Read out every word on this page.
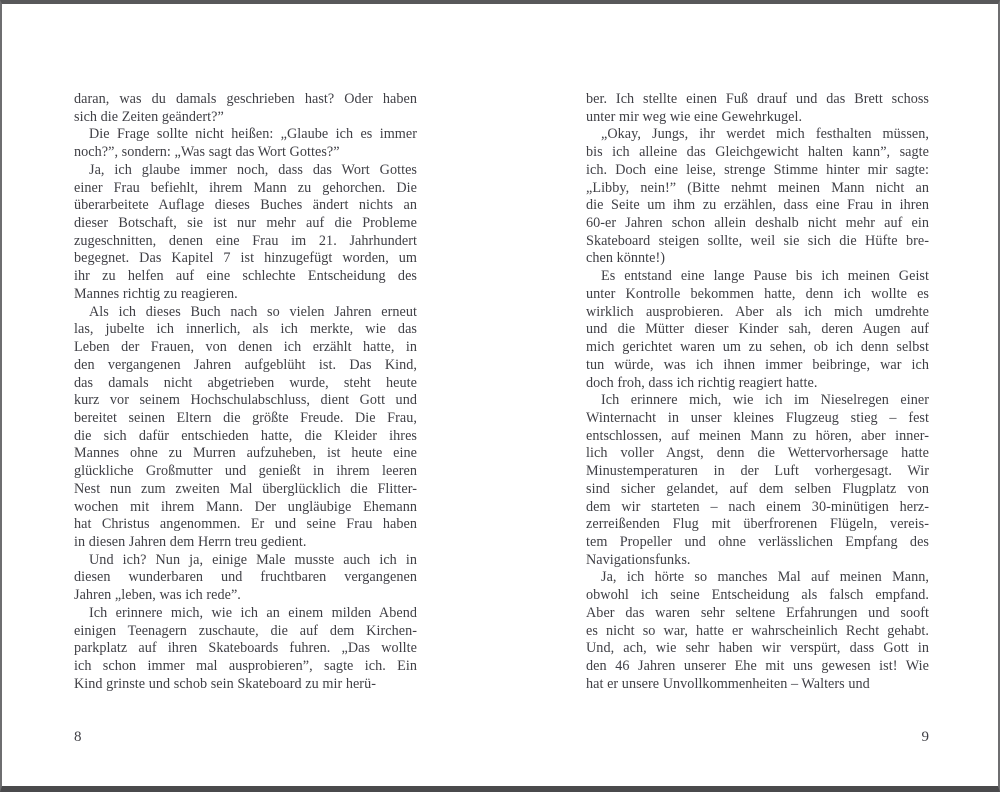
daran, was du damals geschrieben hast? Oder haben
sich die Zeiten geändert?”
Die Frage sollte nicht heißen: „Glaube ich es immer
noch?”, sondern: „Was sagt das Wort Gottes?”
Ja, ich glaube immer noch, dass das Wort Gottes
einer Frau befiehlt, ihrem Mann zu gehorchen. Die
überarbeitete Auflage dieses Buches ändert nichts an
dieser Botschaft, sie ist nur mehr auf die Probleme
zugeschnitten, denen eine Frau im 21. Jahrhundert
begegnet. Das Kapitel 7 ist hinzugefügt worden, um
ihr zu helfen auf eine schlechte Entscheidung des
Mannes richtig zu reagieren.
Als ich dieses Buch nach so vielen Jahren erneut
las, jubelte ich innerlich, als ich merkte, wie das
Leben der Frauen, von denen ich erzählt hatte, in
den vergangenen Jahren aufgeblüht ist. Das Kind,
das damals nicht abgetrieben wurde, steht heute
kurz vor seinem Hochschulabschluss, dient Gott und
bereitet seinen Eltern die größte Freude. Die Frau,
die sich dafür entschieden hatte, die Kleider ihres
Mannes ohne zu Murren aufzuheben, ist heute eine
glückliche Großmutter und genießt in ihrem leeren
Nest nun zum zweiten Mal überglücklich die Flitter-
wochen mit ihrem Mann. Der ungläubige Ehemann
hat Christus angenommen. Er und seine Frau haben
in diesen Jahren dem Herrn treu gedient.
Und ich? Nun ja, einige Male musste auch ich in
diesen wunderbaren und fruchtbaren vergangenen
Jahren „leben, was ich rede”.
Ich erinnere mich, wie ich an einem milden Abend
einigen Teenagern zuschaute, die auf dem Kirchen-
parkplatz auf ihren Skateboards fuhren. „Das wollte
ich schon immer mal ausprobieren”, sagte ich. Ein
Kind grinste und schob sein Skateboard zu mir herü-
8
ber. Ich stellte einen Fuß drauf und das Brett schoss
unter mir weg wie eine Gewehrkugel.
„Okay, Jungs, ihr werdet mich festhalten müssen,
bis ich alleine das Gleichgewicht halten kann”, sagte
ich. Doch eine leise, strenge Stimme hinter mir sagte:
„Libby, nein!” (Bitte nehmt meinen Mann nicht an
die Seite um ihm zu erzählen, dass eine Frau in ihren
60-er Jahren schon allein deshalb nicht mehr auf ein
Skateboard steigen sollte, weil sie sich die Hüfte bre-
chen könnte!)
Es entstand eine lange Pause bis ich meinen Geist
unter Kontrolle bekommen hatte, denn ich wollte es
wirklich ausprobieren. Aber als ich mich umdrehte
und die Mütter dieser Kinder sah, deren Augen auf
mich gerichtet waren um zu sehen, ob ich denn selbst
tun würde, was ich ihnen immer beibringe, war ich
doch froh, dass ich richtig reagiert hatte.
Ich erinnere mich, wie ich im Nieselregen einer
Winternacht in unser kleines Flugzeug stieg – fest
entschlossen, auf meinen Mann zu hören, aber inner-
lich voller Angst, denn die Wettervorhersage hatte
Minustemperaturen in der Luft vorhergesagt. Wir
sind sicher gelandet, auf dem selben Flugplatz von
dem wir starteten – nach einem 30-minütigen herz-
zerreißenden Flug mit überfrorenen Flügeln, vereis-
tem Propeller und ohne verlässlichen Empfang des
Navigationsfunks.
Ja, ich hörte so manches Mal auf meinen Mann,
obwohl ich seine Entscheidung als falsch empfand.
Aber das waren sehr seltene Erfahrungen und sooft
es nicht so war, hatte er wahrscheinlich Recht gehabt.
Und, ach, wie sehr haben wir verspürt, dass Gott in
den 46 Jahren unserer Ehe mit uns gewesen ist! Wie
hat er unsere Unvollkommenheiten – Walters und
9
